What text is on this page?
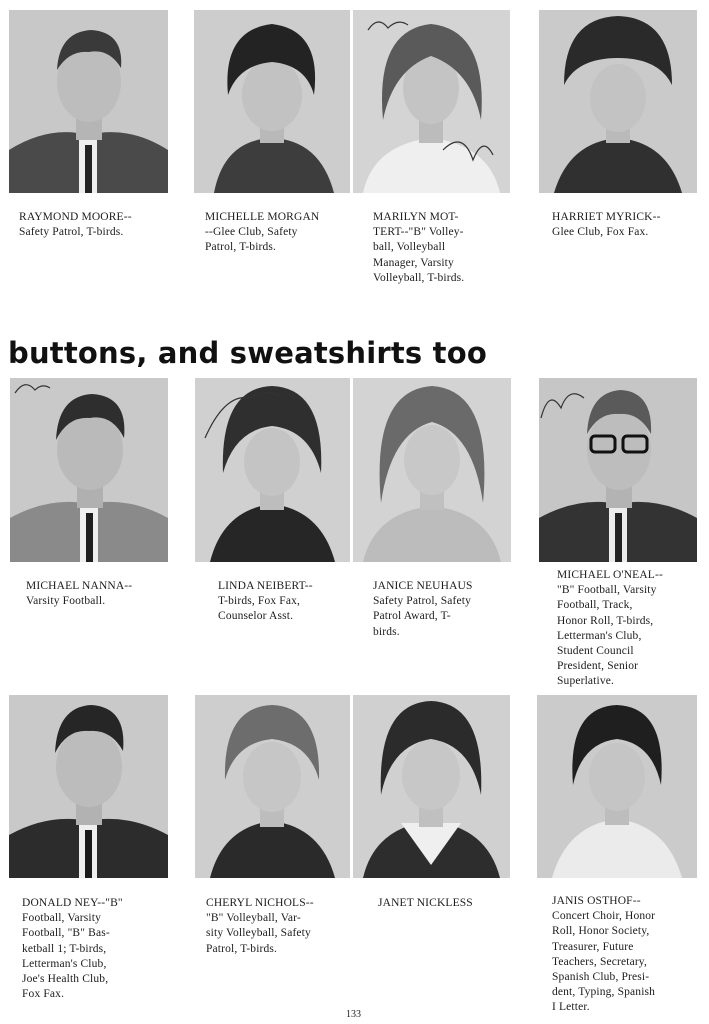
RAYMOND MOORE--
Safety Patrol, T-birds.
MICHELLE MORGAN
--Glee Club, Safety
Patrol, T-birds.
MARILYN MOT-
TERT--"B" Volley-
ball, Volleyball
Manager, Varsity
Volleyball, T-birds.
HARRIET MYRICK--
Glee Club, Fox Fax.
buttons, and sweatshirts too
MICHAEL NANNA--
Varsity Football.
LINDA NEIBERT--
T-birds, Fox Fax,
Counselor Asst.
JANICE NEUHAUS
Safety Patrol, Safety
Patrol Award, T-
birds.
MICHAEL O'NEAL--
"B" Football, Varsity
Football, Track,
Honor Roll, T-birds,
Letterman's Club,
Student Council
President, Senior
Superlative.
DONALD NEY--"B"
Football, Varsity
Football, "B" Bas-
ketball 1; T-birds,
Letterman's Club,
Joe's Health Club,
Fox Fax.
CHERYL NICHOLS--
"B" Volleyball, Var-
sity Volleyball, Safety
Patrol, T-birds.
JANET NICKLESS	JANIS OSTHOF--
Concert Choir, Honor
Roll, Honor Society,
Treasurer, Future
Teachers, Secretary,
Spanish Club, Presi-
dent, Typing, Spanish
I Letter.
133
